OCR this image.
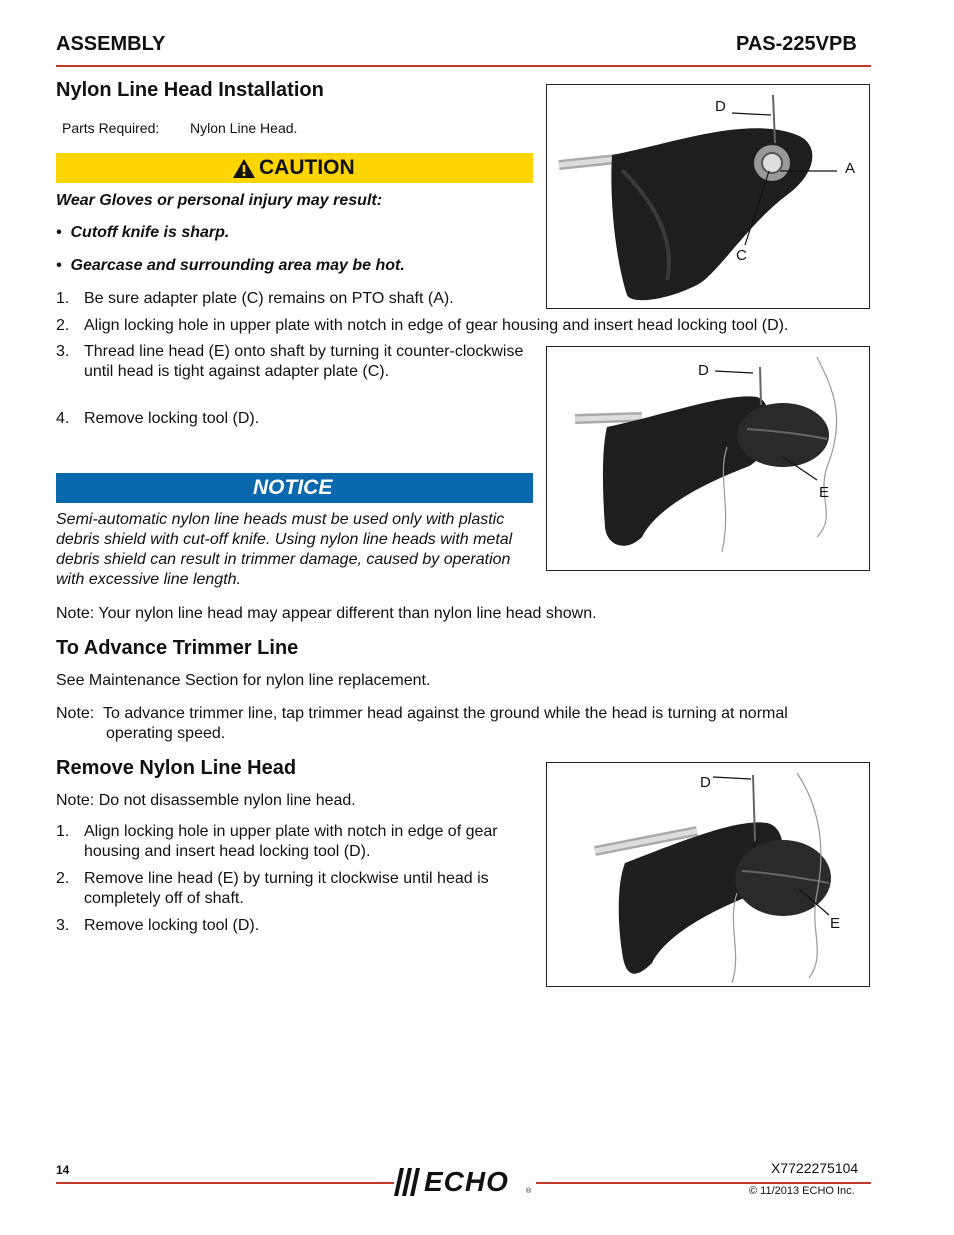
ASSEMBLY	PAS-225VPB
Nylon Line Head Installation
Parts Required: Nylon Line Head.
CAUTION
Wear Gloves or personal injury may result:
•  Cutoff knife is sharp.
•  Gearcase and surrounding area may be hot.
1. Be sure adapter plate (C) remains on PTO shaft (A).
2. Align locking hole in upper plate with notch in edge of gear housing and insert head locking tool (D).
3. Thread line head (E) onto shaft by turning it counter-clockwise until head is tight against adapter plate (C).
4. Remove locking tool (D).
NOTICE
Semi-automatic nylon line heads must be used only with plastic debris shield with cut-off knife. Using nylon line heads with metal debris shield can result in trimmer damage, caused by operation with excessive line length.
Note: Your nylon line head may appear different than nylon line head shown.
D
A
C
D
E
To Advance Trimmer Line
See Maintenance Section for nylon line replacement.
Note: To advance trimmer line, tap trimmer head against the ground while the head is turning at normal
operating speed.
Remove Nylon Line Head
Note: Do not disassemble nylon line head.
1. Align locking hole in upper plate with notch in edge of gear housing and insert head locking tool (D).
2. Remove line head (E) by turning it clockwise until head is completely off of shaft.
3. Remove locking tool (D).
D
E
14	ECHO ®
X7722275104
© 11/2013 ECHO Inc.
